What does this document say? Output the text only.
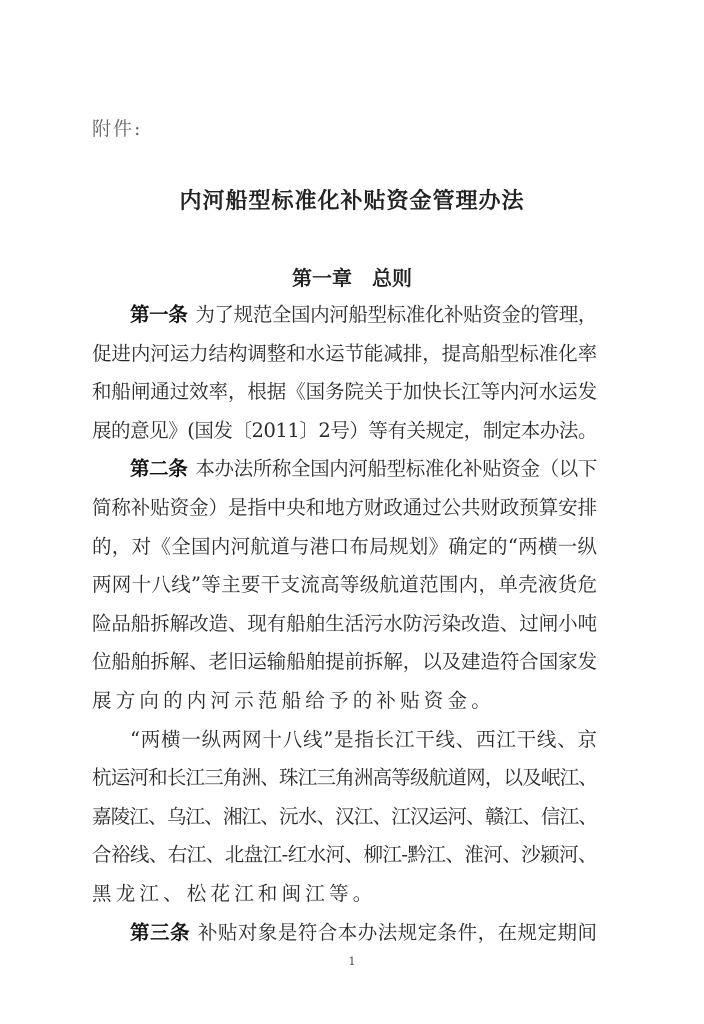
附件:
内河船型标准化补贴资金管理办法
第一章　总则
第一条 为了规范全国内河船型标准化补贴资金的管理，
促进内河运力结构调整和水运节能减排，提高船型标准化率
和船闸通过效率，根据《国务院关于加快长江等内河水运发
展的意见》(国发〔2011〕2号）等有关规定，制定本办法。
第二条 本办法所称全国内河船型标准化补贴资金（以下
简称补贴资金）是指中央和地方财政通过公共财政预算安排
的，对《全国内河航道与港口布局规划》确定的“两横一纵
两网十八线”等主要干支流高等级航道范围内，单壳液货危
险品船拆解改造、现有船舶生活污水防污染改造、过闸小吨
位船舶拆解、老旧运输船舶提前拆解，以及建造符合国家发
展方向的内河示范船给予的补贴资金。
“两横一纵两网十八线”是指长江干线、西江干线、京
杭运河和长江三角洲、珠江三角洲高等级航道网，以及岷江、
嘉陵江、乌江、湘江、沅水、汉江、江汉运河、赣江、信江、
合裕线、右江、北盘江-红水河、柳江-黔江、淮河、沙颍河、
黑龙江、松花江和闽江等。
第三条 补贴对象是符合本办法规定条件，在规定期间
1
